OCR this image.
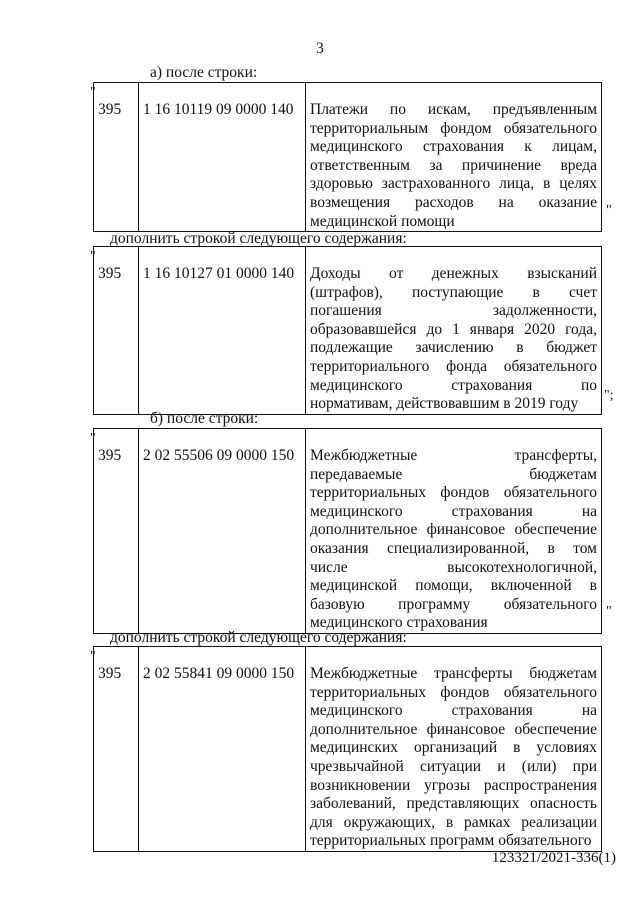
3
а) после строки:
"
395	1 16 10119 09 0000 140	Платежи по искам, предъявленным
территориальным фондом обязательного
медицинского страхования к лицам,
ответственным за причинение вреда
здоровью застрахованного лица, в целях
возмещения расходов на оказание
медицинской помощи
"
дополнить строкой следующего содержания:
"
395	1 16 10127 01 0000 140	Доходы от денежных взысканий
(штрафов), поступающие в счет
погашения задолженности,
образовавшейся до 1 января 2020 года,
подлежащие зачислению в бюджет
территориального фонда обязательного
медицинского страхования по
нормативам, действовавшим в 2019 году	";
б) после строки:
"
395	2 02 55506 09 0000 150	Межбюджетные трансферты,
передаваемые бюджетам
территориальных фондов обязательного
медицинского страхования на
дополнительное финансовое обеспечение
оказания специализированной, в том
числе высокотехнологичной,
медицинской помощи, включенной в
базовую программу обязательного
медицинского страхования
"
дополнить строкой следующего содержания:
"
395	2 02 55841 09 0000 150	Межбюджетные трансферты бюджетам
территориальных фондов обязательного
медицинского страхования на
дополнительное финансовое обеспечение
медицинских организаций в условиях
чрезвычайной ситуации и (или) при
возникновении угрозы распространения
заболеваний, представляющих опасность
для окружающих, в рамках реализации
территориальных программ обязательного
123321/2021-336(1)
